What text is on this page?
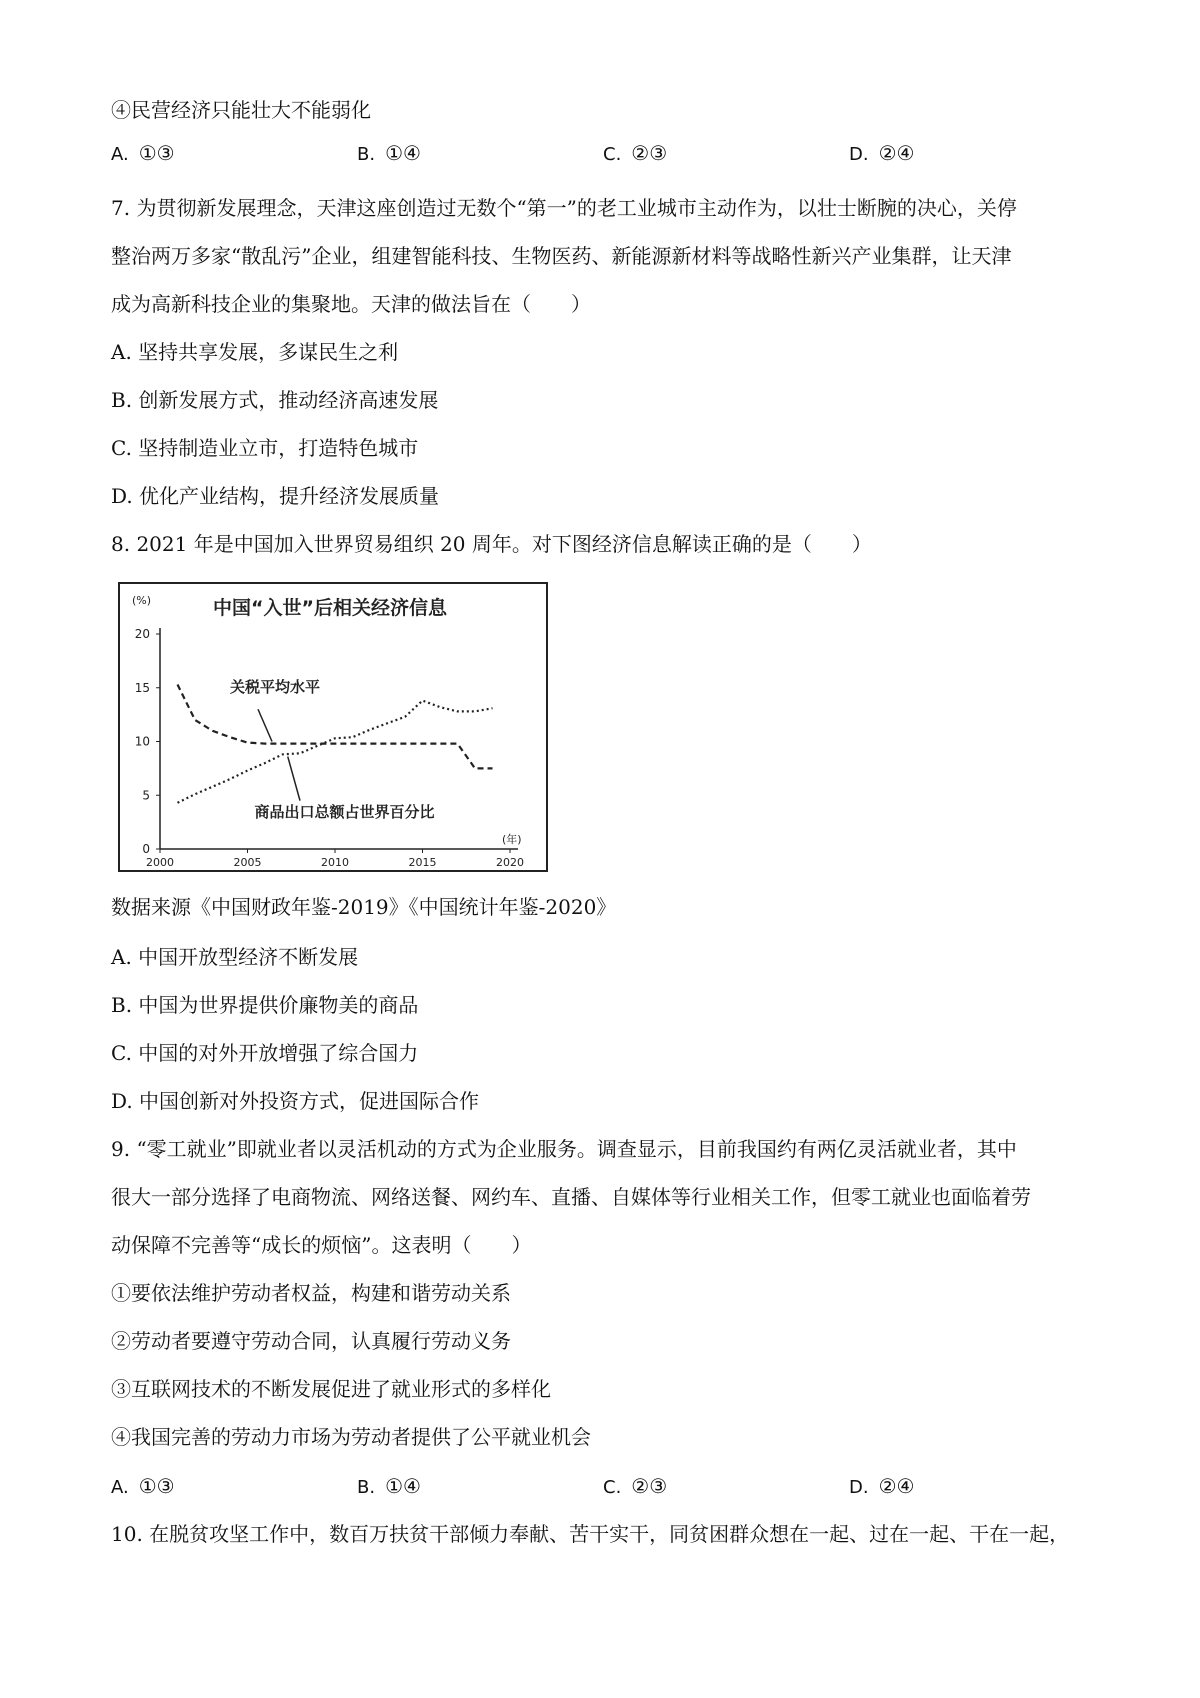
④民营经济只能壮大不能弱化
A. ①③	B. ①④	C. ②③	D. ②④
7. 为贯彻新发展理念，天津这座创造过无数个“第一”的老工业城市主动作为，以壮士断腕的决心，关停
整治两万多家“散乱污”企业，组建智能科技、生物医药、新能源新材料等战略性新兴产业集群，让天津
成为高新科技企业的集聚地。天津的做法旨在（　　）
A. 坚持共享发展，多谋民生之利
B. 创新发展方式，推动经济高速发展
C. 坚持制造业立市，打造特色城市
D. 优化产业结构，提升经济发展质量
8. 2021 年是中国加入世界贸易组织 20 周年。对下图经济信息解读正确的是（　　）
中国“入世”后相关经济信息
(%)
(年)
0
5
10
15
20
2000	2005	2010	2015	2020
关税平均水平
商品出口总额占世界百分比
数据来源《中国财政年鉴-2019》《中国统计年鉴-2020》
A. 中国开放型经济不断发展
B. 中国为世界提供价廉物美的商品
C. 中国的对外开放增强了综合国力
D. 中国创新对外投资方式，促进国际合作
9. “零工就业”即就业者以灵活机动的方式为企业服务。调查显示，目前我国约有两亿灵活就业者，其中
很大一部分选择了电商物流、网络送餐、网约车、直播、自媒体等行业相关工作，但零工就业也面临着劳
动保障不完善等“成长的烦恼”。这表明（　　）
①要依法维护劳动者权益，构建和谐劳动关系
②劳动者要遵守劳动合同，认真履行劳动义务
③互联网技术的不断发展促进了就业形式的多样化
④我国完善的劳动力市场为劳动者提供了公平就业机会
A. ①③	B. ①④	C. ②③	D. ②④
10. 在脱贫攻坚工作中，数百万扶贫干部倾力奉献、苦干实干，同贫困群众想在一起、过在一起、干在一起，
